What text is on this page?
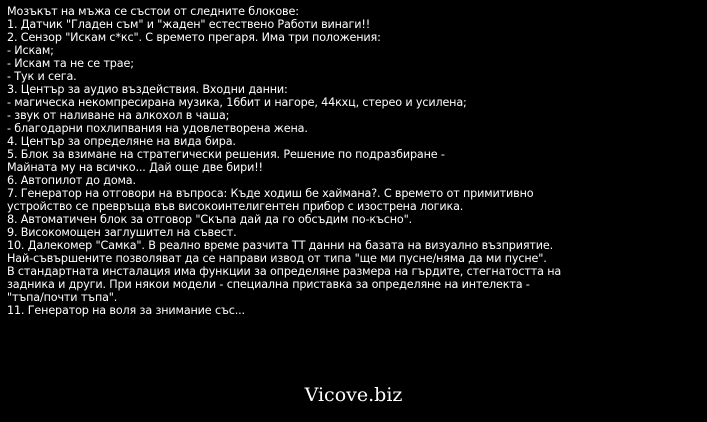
Мозъкът на мъжа се състои от следните блокове:
1. Датчик "Гладен съм" и "жаден" естествено Работи винаги!!
2. Сензор "Искам с*кс". С времето прегаря. Има три положения:
- Искам;
- Искам та не се трае;
- Тук и сега.
3. Център за аудио въздействия. Входни данни:
- магическа некомпресирана музика, 16бит и нагоре, 44кхц, стерео и усилена;
- звук от наливане на алкохол в чаша;
- благодарни похлипвания на удовлетворена жена.
4. Център за определяне на вида бира.
5. Блок за взимане на стратегически решения. Решение по подразбиране -
Майната му на всичко... Дай още две бири!!
6. Автопилот до дома.
7. Генератор на отговори на въпроса: Къде ходиш бе хаймана?. С времето от примитивно
устройство се превръща във високоинтелигентен прибор с изострена логика.
8. Автоматичен блок за отговор "Скъпа дай да го обсъдим по-късно".
9. Високомощен заглушител на съвест.
10. Далекомер "Самка". В реално време разчита ТТ данни на базата на визуално възприятие.
Най-съвършените позволяват да се направи извод от типа "ще ми пусне/няма да ми пусне".
В стандартната инсталация има функции за определяне размера на гърдите, стегнатостта на
задника и други. При някои модели - специална приставка за определяне на интелекта -
"тъпа/почти тъпа".
11. Генератор на воля за знимание със...
Vicove.biz
